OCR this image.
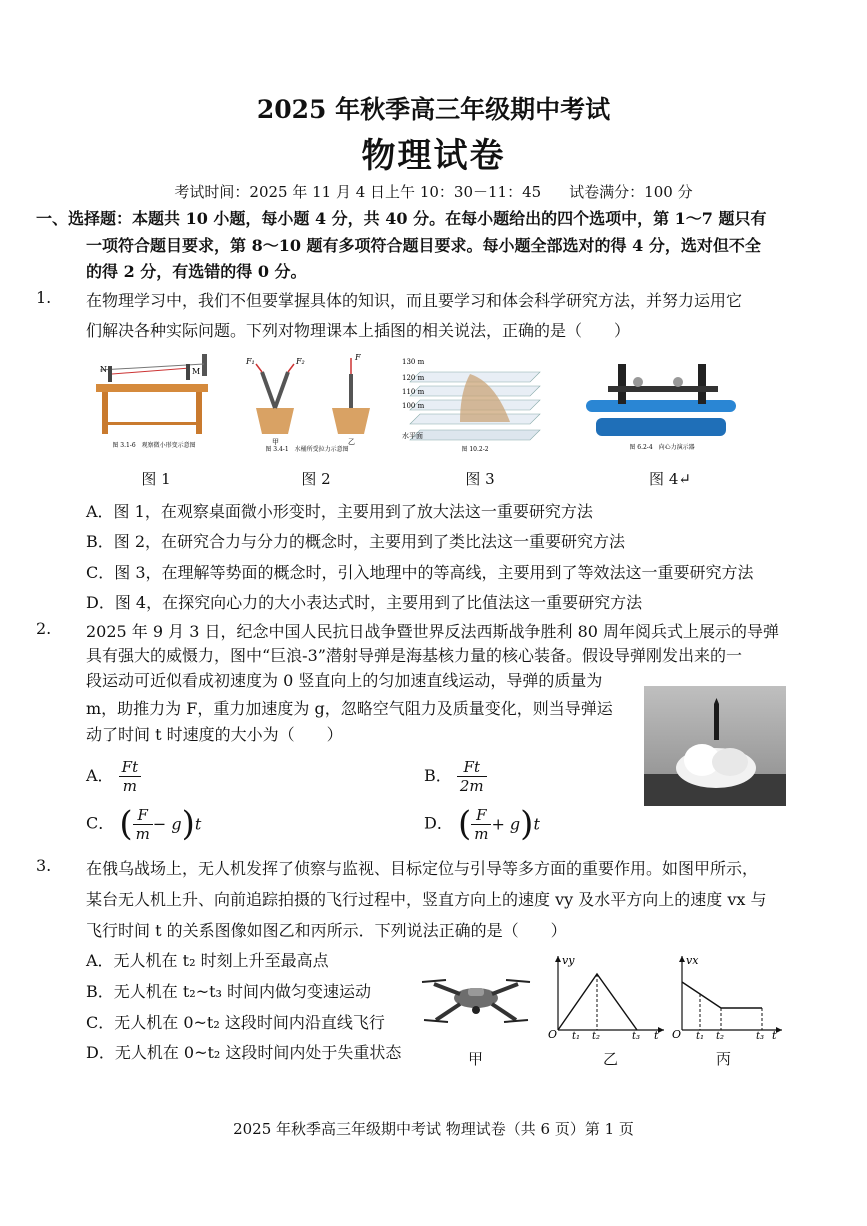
2025 年秋季高三年级期中考试
物理试卷
考试时间：2025 年 11 月 4 日上午 10：30－11：45 试卷满分：100 分
一、选择题：本题共 10 小题，每小题 4 分，共 40 分。在每小题给出的四个选项中，第 1～7 题只有
一项符合题目要求，第 8～10 题有多项符合题目要求。每小题全部选对的得 4 分，选对但不全
的得 2 分，有选错的得 0 分。
1. 在物理学习中，我们不但要掌握具体的知识，而且要学习和体会科学研究方法，并努力运用它
们解决各种实际问题。下列对物理课本上插图的相关说法，正确的是（　　）
N	M
图 3.1-6　观察微小形变示意图
F₁	F₂	F
甲	乙
图 3.4-1　水桶所受拉力示意图
130 m
120 m
110 m
100 m
水平面
图 10.2-2	图 6.2-4　向心力演示器
图 1	图 2	图 3	图 4↵
A．图 1，在观察桌面微小形变时，主要用到了放大法这一重要研究方法
B．图 2，在研究合力与分力的概念时，主要用到了类比法这一重要研究方法
C．图 3，在理解等势面的概念时，引入地理中的等高线，主要用到了等效法这一重要研究方法
D．图 4，在探究向心力的大小表达式时，主要用到了比值法这一重要研究方法
2. 2025 年 9 月 3 日，纪念中国人民抗日战争暨世界反法西斯战争胜利 80 周年阅兵式上展示的导弹
具有强大的威慑力，图中“巨浪-3”潜射导弹是海基核力量的核心装备。假设导弹刚发出来的一
段运动可近似看成初速度为 0 竖直向上的匀加速直线运动，导弹的质量为
m，助推力为 F，重力加速度为 g，忽略空气阻力及质量变化，则当导弹运
动了时间 t 时速度的大小为（　　）
A． $\frac{Ft}{m}$	B． $\frac{Ft}{2m}$
C． ( $\frac{F}{m} - g)t$	D． ( $\frac{F}{m} + g)t$
3. 在俄乌战场上，无人机发挥了侦察与监视、目标定位与引导等多方面的重要作用。如图甲所示，
某台无人机上升、向前追踪拍摄的飞行过程中，竖直方向上的速度 vy 及水平方向上的速度 vx 与
飞行时间 t 的关系图像如图乙和丙所示．下列说法正确的是（　　）
A．无人机在 t₂ 时刻上升至最高点
B．无人机在 t₂~t₃ 时间内做匀变速运动
C．无人机在 0~t₂ 这段时间内沿直线飞行
D．无人机在 0~t₂ 这段时间内处于失重状态
vy
O t₁ t₂	t₃ t
vx
O t₁ t₂	t₃ t
甲	乙	丙
2025 年秋季高三年级期中考试 物理试卷（共 6 页）第 1 页
